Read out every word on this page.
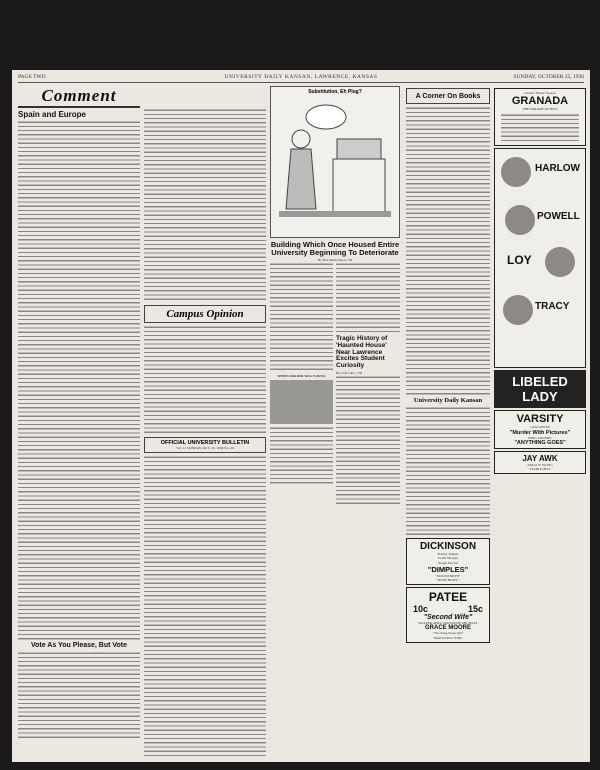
PAGE TWO	UNIVERSITY DAILY KANSAN, LAWRENCE, KANSAS	SUNDAY, OCTOBER 25, 1936
Comment
Spain and Europe
Vote As You Please, But Vote
Campus Opinion
OFFICIAL UNIVERSITY BULLETIN
Vol. 11 SUNDAY, OCT. 25, 1936 No. 29
Substitution, Eh Plug?
Building Which Once Housed Entire University Beginning To Deteriorate
By Bob Richardson c'38
WHEN FRASER WAS YOUNG
Tragic History of 'Haunted House' Near Lawrence Excites Student Curiosity
By Joan Cibs, c'38
A Corner On Books
University Daily Kansan
DICKINSON
Shirley Temple
Frank Morgan
Stepin Fetchit
"DIMPLES"
"DOGSWORTH"
"ROSE BOWL"
PATEE
10c	15c
"Second Wife"
WALTER ABEL GERTRUDE MICHAEL
GRACE MOORE
"The King Steps Out"
FRANCHOT TONE
Greater Movie Season
GRANADA
THE PARADE OF HITS
HARLOW
POWELL
LOY
TRACY
LIBELED
LADY
VARSITY
LEW AYRES
"Murder With Pictures"
BING CROSBY
"ANYTHING GOES"
JAY AWK
ANNA N' WONG
STARLIGHTS
